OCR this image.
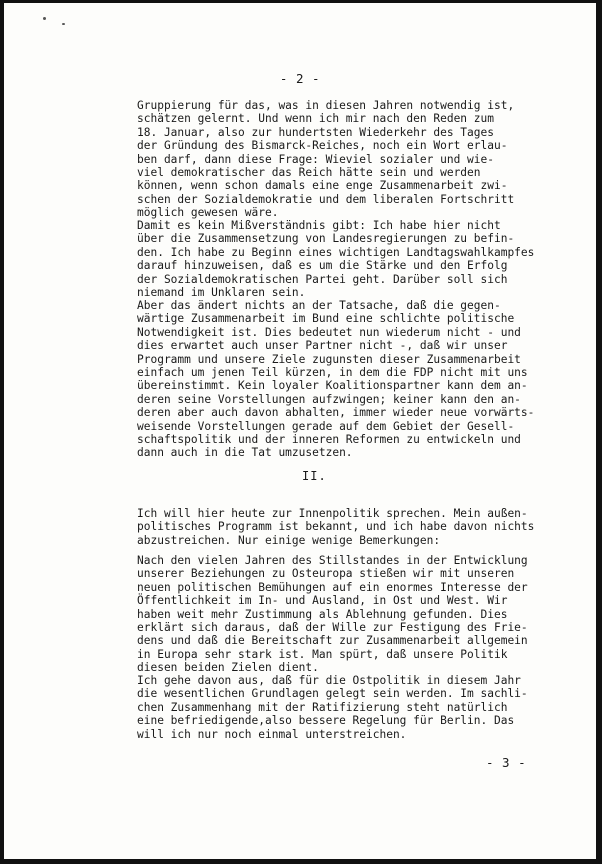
- 2 -

Gruppierung für das, was in diesen Jahren notwendig ist,
schätzen gelernt. Und wenn ich mir nach den Reden zum
18. Januar, also zur hundertsten Wiederkehr des Tages
der Gründung des Bismarck-Reiches, noch ein Wort erlau-
ben darf, dann diese Frage: Wieviel sozialer und wie-
viel demokratischer das Reich hätte sein und werden
können, wenn schon damals eine enge Zusammenarbeit zwi-
schen der Sozialdemokratie und dem liberalen Fortschritt
möglich gewesen wäre.

Damit es kein Mißverständnis gibt: Ich habe hier nicht
über die Zusammensetzung von Landesregierungen zu befin-
den. Ich habe zu Beginn eines wichtigen Landtagswahlkampfes
darauf hinzuweisen, daß es um die Stärke und den Erfolg
der Sozialdemokratischen Partei geht. Darüber soll sich
niemand im Unklaren sein.

Aber das ändert nichts an der Tatsache, daß die gegen-
wärtige Zusammenarbeit im Bund eine schlichte politische
Notwendigkeit ist. Dies bedeutet nun wiederum nicht - und
dies erwartet auch unser Partner nicht -, daß wir unser
Programm und unsere Ziele zugunsten dieser Zusammenarbeit
einfach um jenen Teil kürzen, in dem die FDP nicht mit uns
übereinstimmt. Kein loyaler Koalitionspartner kann dem an-
deren seine Vorstellungen aufzwingen; keiner kann den an-
deren aber auch davon abhalten, immer wieder neue vorwärts-
weisende Vorstellungen gerade auf dem Gebiet der Gesell-
schaftspolitik und der inneren Reformen zu entwickeln und
dann auch in die Tat umzusetzen.

II.

Ich will hier heute zur Innenpolitik sprechen. Mein außen-
politisches Programm ist bekannt, und ich habe davon nichts
abzustreichen. Nur einige wenige Bemerkungen:

Nach den vielen Jahren des Stillstandes in der Entwicklung
unserer Beziehungen zu Osteuropa stießen wir mit unseren
neuen politischen Bemühungen auf ein enormes Interesse der
Öffentlichkeit im In- und Ausland, in Ost und West. Wir
haben weit mehr Zustimmung als Ablehnung gefunden. Dies
erklärt sich daraus, daß der Wille zur Festigung des Frie-
dens und daß die Bereitschaft zur Zusammenarbeit allgemein
in Europa sehr stark ist. Man spürt, daß unsere Politik
diesen beiden Zielen dient.

Ich gehe davon aus, daß für die Ostpolitik in diesem Jahr
die wesentlichen Grundlagen gelegt sein werden. Im sachli-
chen Zusammenhang mit der Ratifizierung steht natürlich
eine befriedigende,also bessere Regelung für Berlin. Das
will ich nur noch einmal unterstreichen.

- 3 -
